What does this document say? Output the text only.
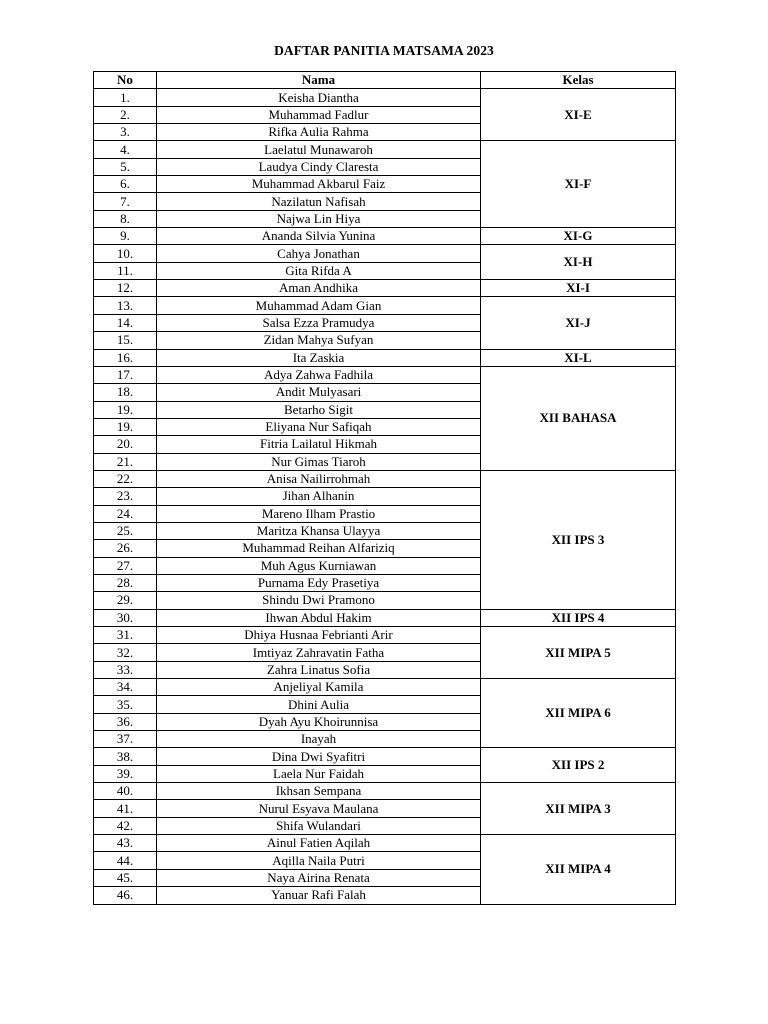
DAFTAR PANITIA MATSAMA 2023
No	Nama	Kelas
1.	Keisha Diantha	XI-E
2.	Muhammad Fadlur	
3.	Rifka Aulia Rahma	
4.	Laelatul Munawaroh	XI-F
5.	Laudya Cindy Claresta	
6.	Muhammad Akbarul Faiz	
7.	Nazilatun Nafisah	
8.	Najwa Lin Hiya	
9.	Ananda Silvia Yunina	XI-G
10.	Cahya Jonathan	XI-H
11.	Gita Rifda A	
12.	Aman Andhika	XI-I
13.	Muhammad Adam Gian	XI-J
14.	Salsa Ezza Pramudya	
15.	Zidan Mahya Sufyan	
16.	Ita Zaskia	XI-L
17.	Adya Zahwa Fadhila	XII BAHASA
18.	Andit Mulyasari	
19.	Betarho Sigit	
19.	Eliyana Nur Safiqah	
20.	Fitria Lailatul Hikmah	
21.	Nur Gimas Tiaroh	
22.	Anisa Nailirrohmah	XII IPS 3
23.	Jihan Alhanin	
24.	Mareno Ilham Prastio	
25.	Maritza Khansa Ulayya	
26.	Muhammad Reihan Alfariziq	
27.	Muh Agus Kurniawan	
28.	Purnama Edy Prasetiya	
29.	Shindu Dwi Pramono	
30.	Ihwan Abdul Hakim	XII IPS 4
31.	Dhiya Husnaa Febrianti Arir	XII MIPA 5
32.	Imtiyaz Zahravatin Fatha	
33.	Zahra Linatus Sofia	
34.	Anjeliyal Kamila	XII MIPA 6
35.	Dhini Aulia	
36.	Dyah Ayu Khoirunnisa	
37.	Inayah	
38.	Dina Dwi Syafitri	XII IPS 2
39.	Laela Nur Faidah	
40.	Ikhsan Sempana	XII MIPA 3
41.	Nurul Esyava Maulana	
42.	Shifa Wulandari	
43.	Ainul Fatien Aqilah	XII MIPA 4
44.	Aqilla Naila Putri	
45.	Naya Airina Renata	
46.	Yanuar Rafi Falah	
